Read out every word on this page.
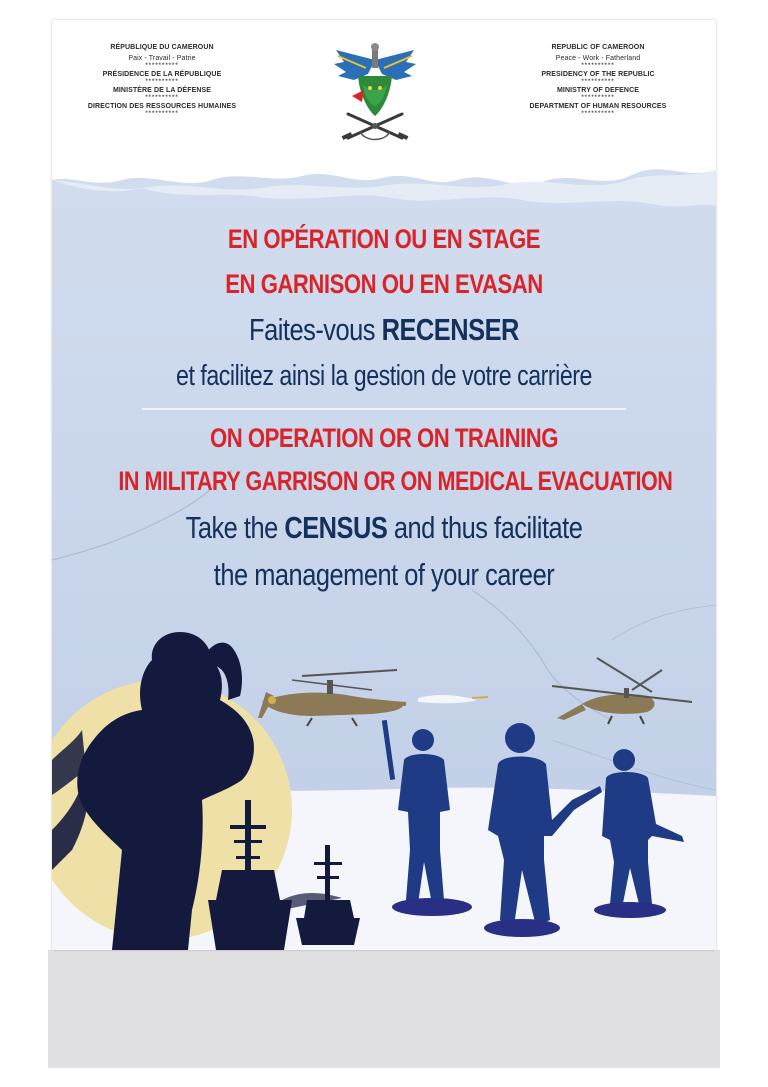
RÉPUBLIQUE DU CAMEROUN
Paix - Travail - Patrie
**********
PRÉSIDENCE DE LA RÉPUBLIQUE
**********
MINISTÈRE DE LA DÉFENSE
**********
DIRECTION DES RESSOURCES HUMAINES
**********
REPUBLIC OF CAMEROON
Peace - Work - Fatherland
**********
PRESIDENCY OF THE REPUBLIC
**********
MINISTRY OF DEFENCE
**********
DEPARTMENT OF HUMAN RESOURCES
**********
EN OPÉRATION OU EN STAGE
EN GARNISON OU EN EVASAN
Faites-vous RECENSER
et facilitez ainsi la gestion de votre carrière
ON OPERATION OR ON TRAINING
IN MILITARY GARRISON OR ON MEDICAL EVACUATION
Take the CENSUS and thus facilitate
the management of your career
